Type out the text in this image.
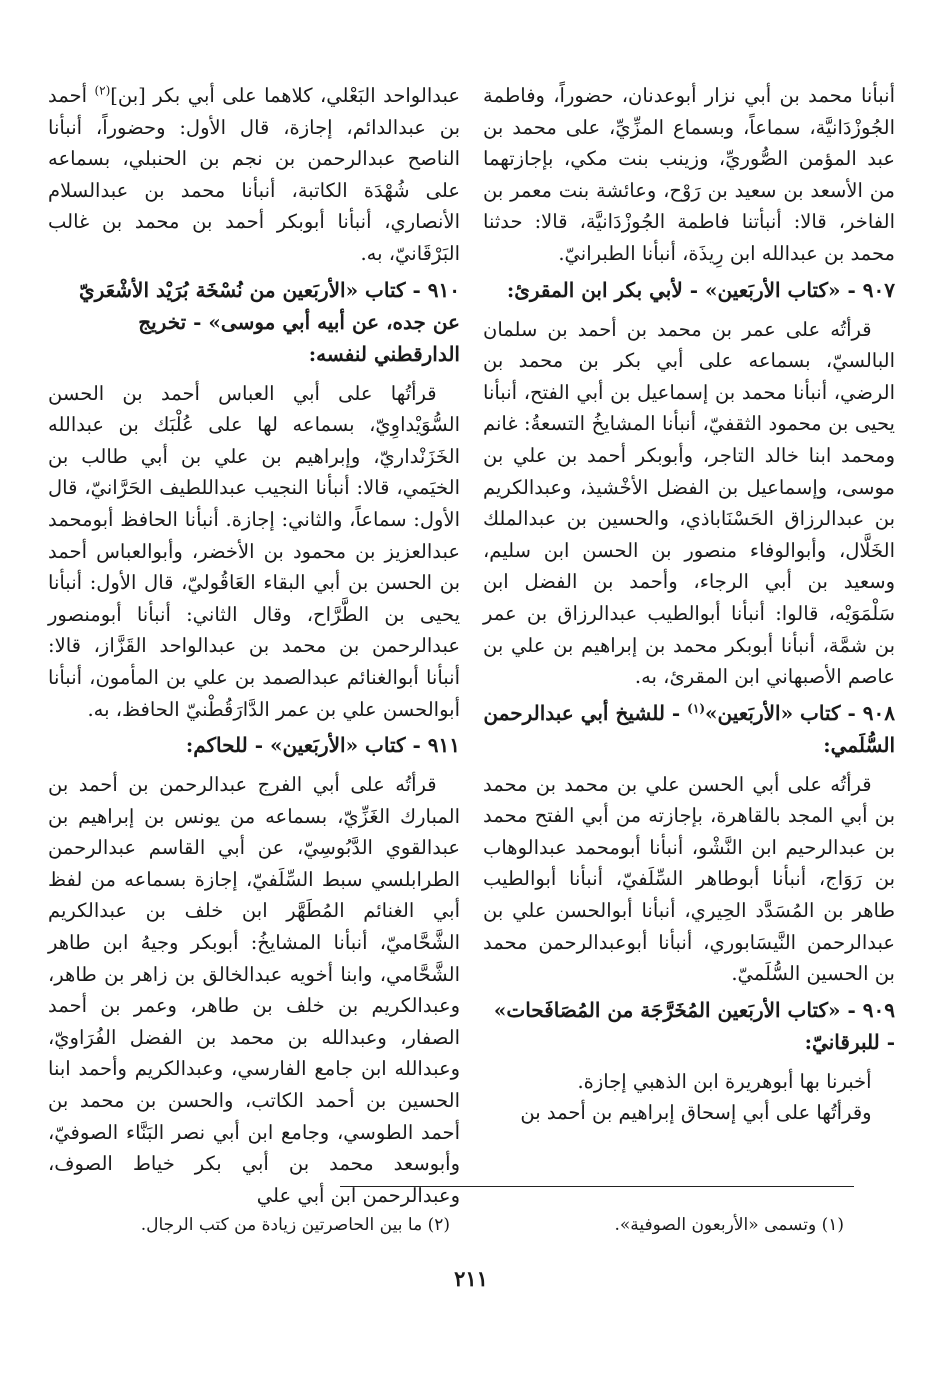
أنبأنا محمد بن أبي نزار أبوعدنان، حضوراً، وفاطمة الجُوزْدَانيَّة، سماعاً، وبسماع المزِّيِّ، على محمد بن عبد المؤمن الصُّوريِّ، وزينب بنت مكي، بإجازتهما من الأسعد بن سعيد بن رَوْح، وعائشة بنت معمر بن الفاخر، قالا: أنبأتنا فاطمة الجُوزْدَانيَّة، قالا: حدثنا محمد بن عبدالله ابن رِيذَة، أنبأنا الطبرانيّ.

٩٠٧ - «كتاب الأربَعين» - لأبي بكر ابن المقرئ:

قرأتُه على عمر بن محمد بن أحمد بن سلمان البالسيّ، بسماعه على أبي بكر بن محمد بن الرضي، أنبأنا محمد بن إسماعيل بن أبي الفتح، أنبأنا يحيى بن محمود الثقفيّ، أنبأنا المشايخُ التسعةُ: غانم ومحمد ابنا خالد التاجر، وأبوبكر أحمد بن علي بن موسى، وإسماعيل بن الفضل الأخْشيذ، وعبدالكريم بن عبدالرزاق الحَسْنَاباذي، والحسين بن عبدالملك الخَلَّال، وأبوالوفاء منصور بن الحسن ابن سليم، وسعيد بن أبي الرجاء، وأحمد بن الفضل ابن سَلْمَوَيْه، قالوا: أنبأنا أبوالطيب عبدالرزاق بن عمر بن شمَّة، أنبأنا أبوبكر محمد بن إبراهيم بن علي بن عاصم الأصبهاني ابن المقرئ، به.

٩٠٨ - كتاب «الأربَعين»$^{(١)}$ - للشيخ أبي عبدالرحمن السُّلَمي:

قرأتُه على أبي الحسن علي بن محمد بن محمد بن أبي المجد بالقاهرة، بإجازته من أبي الفتح محمد بن عبدالرحيم ابن النَّشْو، أنبأنا أبومحمد عبدالوهاب بن رَوَاج، أنبأنا أبوطاهر السِّلَفيّ، أنبأنا أبوالطيب طاهر بن المُسَدَّد الحِيري، أنبأنا أبوالحسن علي بن عبدالرحمن النَّيسَابوري، أنبأنا أبوعبدالرحمن محمد بن الحسين السُّلَميّ.

٩٠٩ - «كتاب الأربَعين المُخَرَّجَة من المُصَافَحات» - للبرقانيّ:

أخبرنا بها أبوهريرة ابن الذهبي إجازة.

وقرأتُها على أبي إسحاق إبراهيم بن أحمد بن

عبدالواحد البَعْلي، كلاهما على أبي بكر [بن]$^{(٢)}$ أحمد بن عبدالدائم، إجازة، قال الأول: وحضوراً، أنبأنا الناصح عبدالرحمن بن نجم بن الحنبلي، بسماعه على شُهْدَة الكاتبة، أنبأنا محمد بن عبدالسلام الأنصاري، أنبأنا أبوبكر أحمد بن محمد بن غالب البَرْقَانيّ، به.

٩١٠ - كتاب «الأربَعين من نُسْخَة بُرَيْد الأشْعَريّ عن جده، عن أبيه أبي موسى» - تخريج الدارقطني لنفسه:

قرأتُها على أبي العباس أحمد بن الحسن السُّوَيْداوِيّ، بسماعه لها على عُلْبَك بن عبدالله الخَزَنْداريّ، وإبراهيم بن علي بن أبي طالب بن الخيَمي، قالا: أنبأنا النجيب عبداللطيف الحَرَّانيّ، قال الأول: سماعاً، والثاني: إجازة. أنبأنا الحافظ أبومحمد عبدالعزيز بن محمود بن الأخضر، وأبوالعباس أحمد بن الحسن بن أبي البقاء العَاقُوليّ، قال الأول: أنبأنا يحيى بن الطَّرَّاح، وقال الثاني: أنبأنا أبومنصور عبدالرحمن بن محمد بن عبدالواحد القَزَّاز، قالا: أنبأنا أبوالغنائم عبدالصمد بن علي بن المأمون، أنبأنا أبوالحسن علي بن عمر الدَّارَقُطْنيّ الحافظ، به.

٩١١ - كتاب «الأربَعين» - للحاكم:

قرأتُه على أبي الفرج عبدالرحمن بن أحمد بن المبارك الغَزِّيّ، بسماعه من يونس بن إبراهيم بن عبدالقوي الدَّبُوسِيّ، عن أبي القاسم عبدالرحمن الطرابلسي سبط السِّلَفيّ، إجازة بسماعه من لفظ أبي الغنائم المُطَهَّر ابن خلف بن عبدالكريم الشَّحَّاميّ، أنبأنا المشايخُ: أبوبكر وجيهُ ابن طاهر الشَّحَّامي، وابنا أخويه عبدالخالق بن زاهر بن طاهر، وعبدالكريم بن خلف بن طاهر، وعمر بن أحمد الصفار، وعبدالله بن محمد بن الفضل الفُرَاويّ، وعبدالله ابن جامع الفارسي، وعبدالكريم وأحمد ابنا الحسين بن أحمد الكاتب، والحسن بن محمد بن أحمد الطوسي، وجامع ابن أبي نصر البَنَّاء الصوفيّ، وأبوسعد محمد بن أبي بكر خياط الصوف، وعبدالرحمن ابن أبي علي

(١) وتسمى «الأربعون الصوفية».
(٢) ما بين الحاصرتين زيادة من كتب الرجال.
٢١١
